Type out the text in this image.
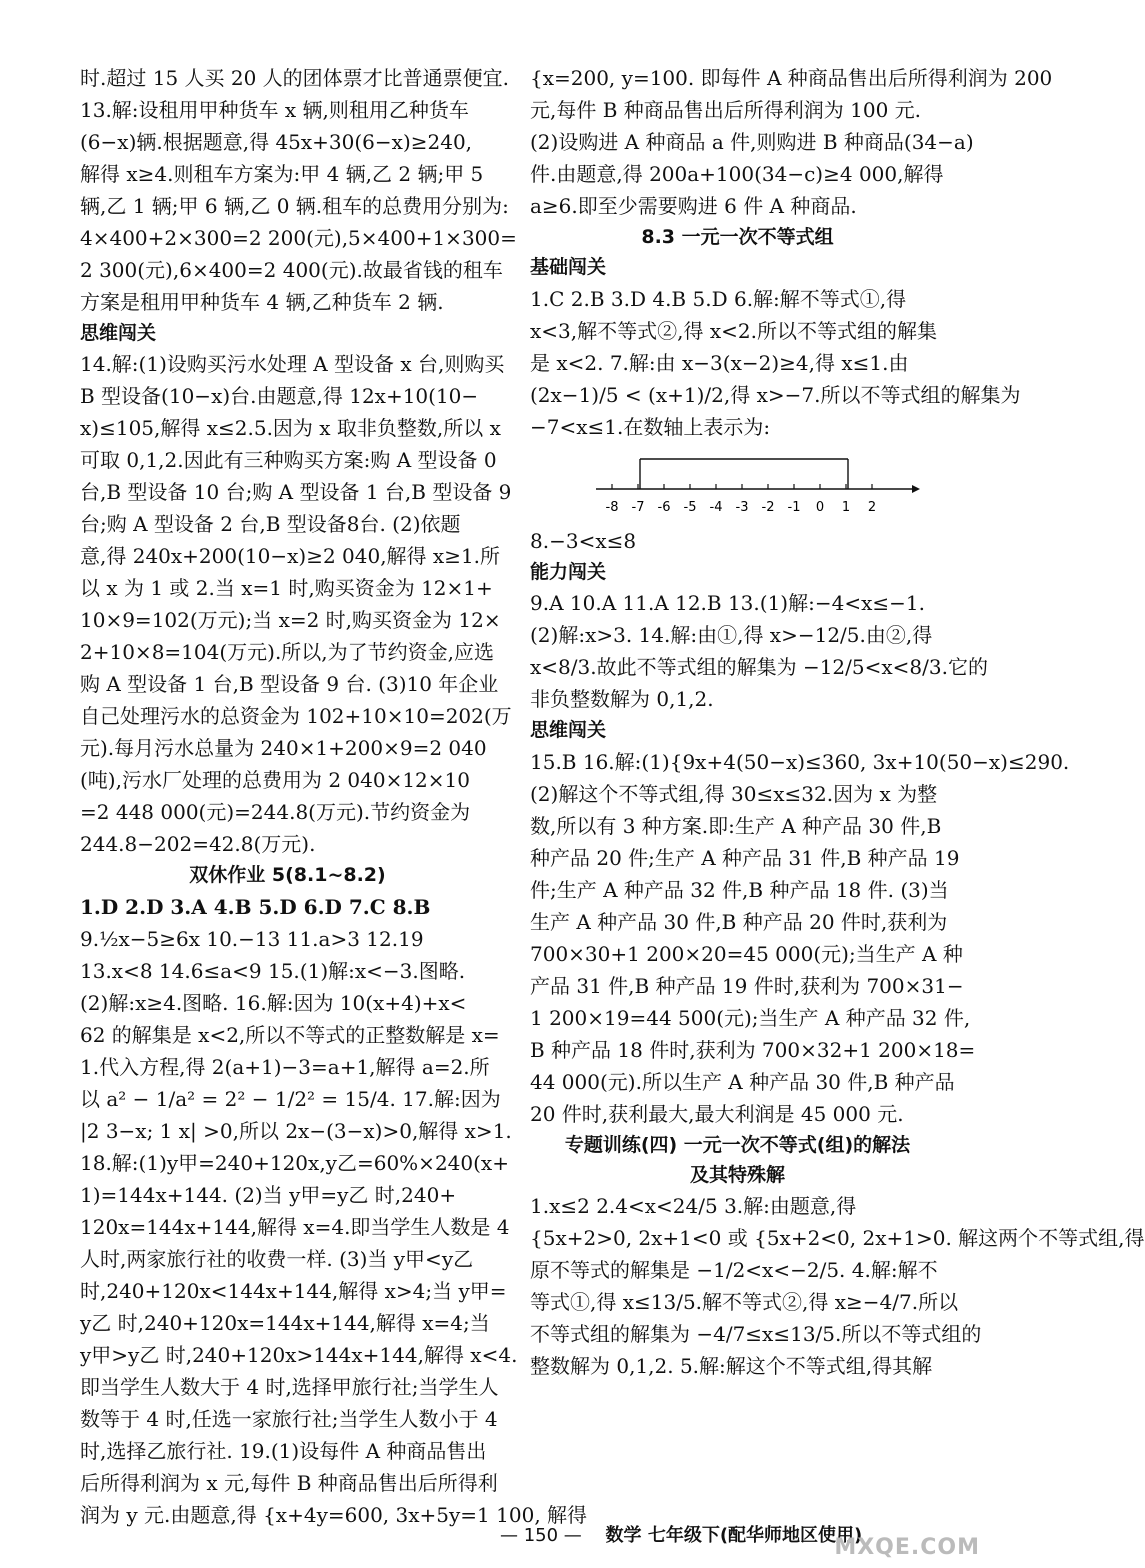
时.超过 15 人买 20 人的团体票才比普通票便宜.
13.解:设租用甲种货车 x 辆,则租用乙种货车
(6−x)辆.根据题意,得 45x+30(6−x)≥240,
解得 x≥4.则租车方案为:甲 4 辆,乙 2 辆;甲 5
辆,乙 1 辆;甲 6 辆,乙 0 辆.租车的总费用分别为:
4×400+2×300=2 200(元),5×400+1×300=
2 300(元),6×400=2 400(元).故最省钱的租车
方案是租用甲种货车 4 辆,乙种货车 2 辆.
思维闯关
14.解:(1)设购买污水处理 A 型设备 x 台,则购买
B 型设备(10−x)台.由题意,得 12x+10(10−
x)≤105,解得 x≤2.5.因为 x 取非负整数,所以 x
可取 0,1,2.因此有三种购买方案:购 A 型设备 0
台,B 型设备 10 台;购 A 型设备 1 台,B 型设备 9
台;购 A 型设备 2 台,B 型设备8台. (2)依题
意,得 240x+200(10−x)≥2 040,解得 x≥1.所
以 x 为 1 或 2.当 x=1 时,购买资金为 12×1+
10×9=102(万元);当 x=2 时,购买资金为 12×
2+10×8=104(万元).所以,为了节约资金,应选
购 A 型设备 1 台,B 型设备 9 台. (3)10 年企业
自己处理污水的总资金为 102+10×10=202(万
元).每月污水总量为 240×1+200×9=2 040
(吨),污水厂处理的总费用为 2 040×12×10
=2 448 000(元)=244.8(万元).节约资金为
244.8−202=42.8(万元).
双休作业 5(8.1~8.2)
1.D 2.D 3.A 4.B 5.D 6.D 7.C 8.B
9.½x−5≥6x 10.−13 11.a>3 12.19
13.x<8 14.6≤a<9 15.(1)解:x<−3.图略.
(2)解:x≥4.图略. 16.解:因为 10(x+4)+x<
62 的解集是 x<2,所以不等式的正整数解是 x=
1.代入方程,得 2(a+1)−3=a+1,解得 a=2.所
以 a² − 1/a² = 2² − 1/2² = 15/4. 17.解:因为
|2 3−x; 1 x| >0,所以 2x−(3−x)>0,解得 x>1.
18.解:(1)y甲=240+120x,y乙=60%×240(x+
1)=144x+144. (2)当 y甲=y乙 时,240+
120x=144x+144,解得 x=4.即当学生人数是 4
人时,两家旅行社的收费一样. (3)当 y甲<y乙
时,240+120x<144x+144,解得 x>4;当 y甲=
y乙 时,240+120x=144x+144,解得 x=4;当
y甲>y乙 时,240+120x>144x+144,解得 x<4.
即当学生人数大于 4 时,选择甲旅行社;当学生人
数等于 4 时,任选一家旅行社;当学生人数小于 4
时,选择乙旅行社. 19.(1)设每件 A 种商品售出
后所得利润为 x 元,每件 B 种商品售出后所得利
润为 y 元.由题意,得 {x+4y=600, 3x+5y=1 100, 解得
{x=200, y=100. 即每件 A 种商品售出后所得利润为 200
元,每件 B 种商品售出后所得利润为 100 元.
(2)设购进 A 种商品 a 件,则购进 B 种商品(34−a)
件.由题意,得 200a+100(34−c)≥4 000,解得
a≥6.即至少需要购进 6 件 A 种商品.
8.3 一元一次不等式组
基础闯关
1.C 2.B 3.D 4.B 5.D 6.解:解不等式①,得
x<3,解不等式②,得 x<2.所以不等式组的解集
是 x<2. 7.解:由 x−3(x−2)≥4,得 x≤1.由
(2x−1)/5 < (x+1)/2,得 x>−7.所以不等式组的解集为
−7<x≤1.在数轴上表示为:
-8 -7 -6 -5 -4 -3 -2 -1 0 1 2
8.−3<x≤8
能力闯关
9.A 10.A 11.A 12.B 13.(1)解:−4<x≤−1.
(2)解:x>3. 14.解:由①,得 x>−12/5.由②,得
x<8/3.故此不等式组的解集为 −12/5<x<8/3.它的
非负整数解为 0,1,2.
思维闯关
15.B 16.解:(1){9x+4(50−x)≤360, 3x+10(50−x)≤290.
(2)解这个不等式组,得 30≤x≤32.因为 x 为整
数,所以有 3 种方案.即:生产 A 种产品 30 件,B
种产品 20 件;生产 A 种产品 31 件,B 种产品 19
件;生产 A 种产品 32 件,B 种产品 18 件. (3)当
生产 A 种产品 30 件,B 种产品 20 件时,获利为
700×30+1 200×20=45 000(元);当生产 A 种
产品 31 件,B 种产品 19 件时,获利为 700×31−
1 200×19=44 500(元);当生产 A 种产品 32 件,
B 种产品 18 件时,获利为 700×32+1 200×18=
44 000(元).所以生产 A 种产品 30 件,B 种产品
20 件时,获利最大,最大利润是 45 000 元.
专题训练(四) 一元一次不等式(组)的解法
及其特殊解
1.x≤2 2.4<x<24/5 3.解:由题意,得
{5x+2>0, 2x+1<0 或 {5x+2<0, 2x+1>0. 解这两个不等式组,得
原不等式的解集是 −1/2<x<−2/5. 4.解:解不
等式①,得 x≤13/5.解不等式②,得 x≥−4/7.所以
不等式组的解集为 −4/7≤x≤13/5.所以不等式组的
整数解为 0,1,2. 5.解:解这个不等式组,得其解
— 150 — 数学 七年级下(配华师地区使用)
MXQE.COM
